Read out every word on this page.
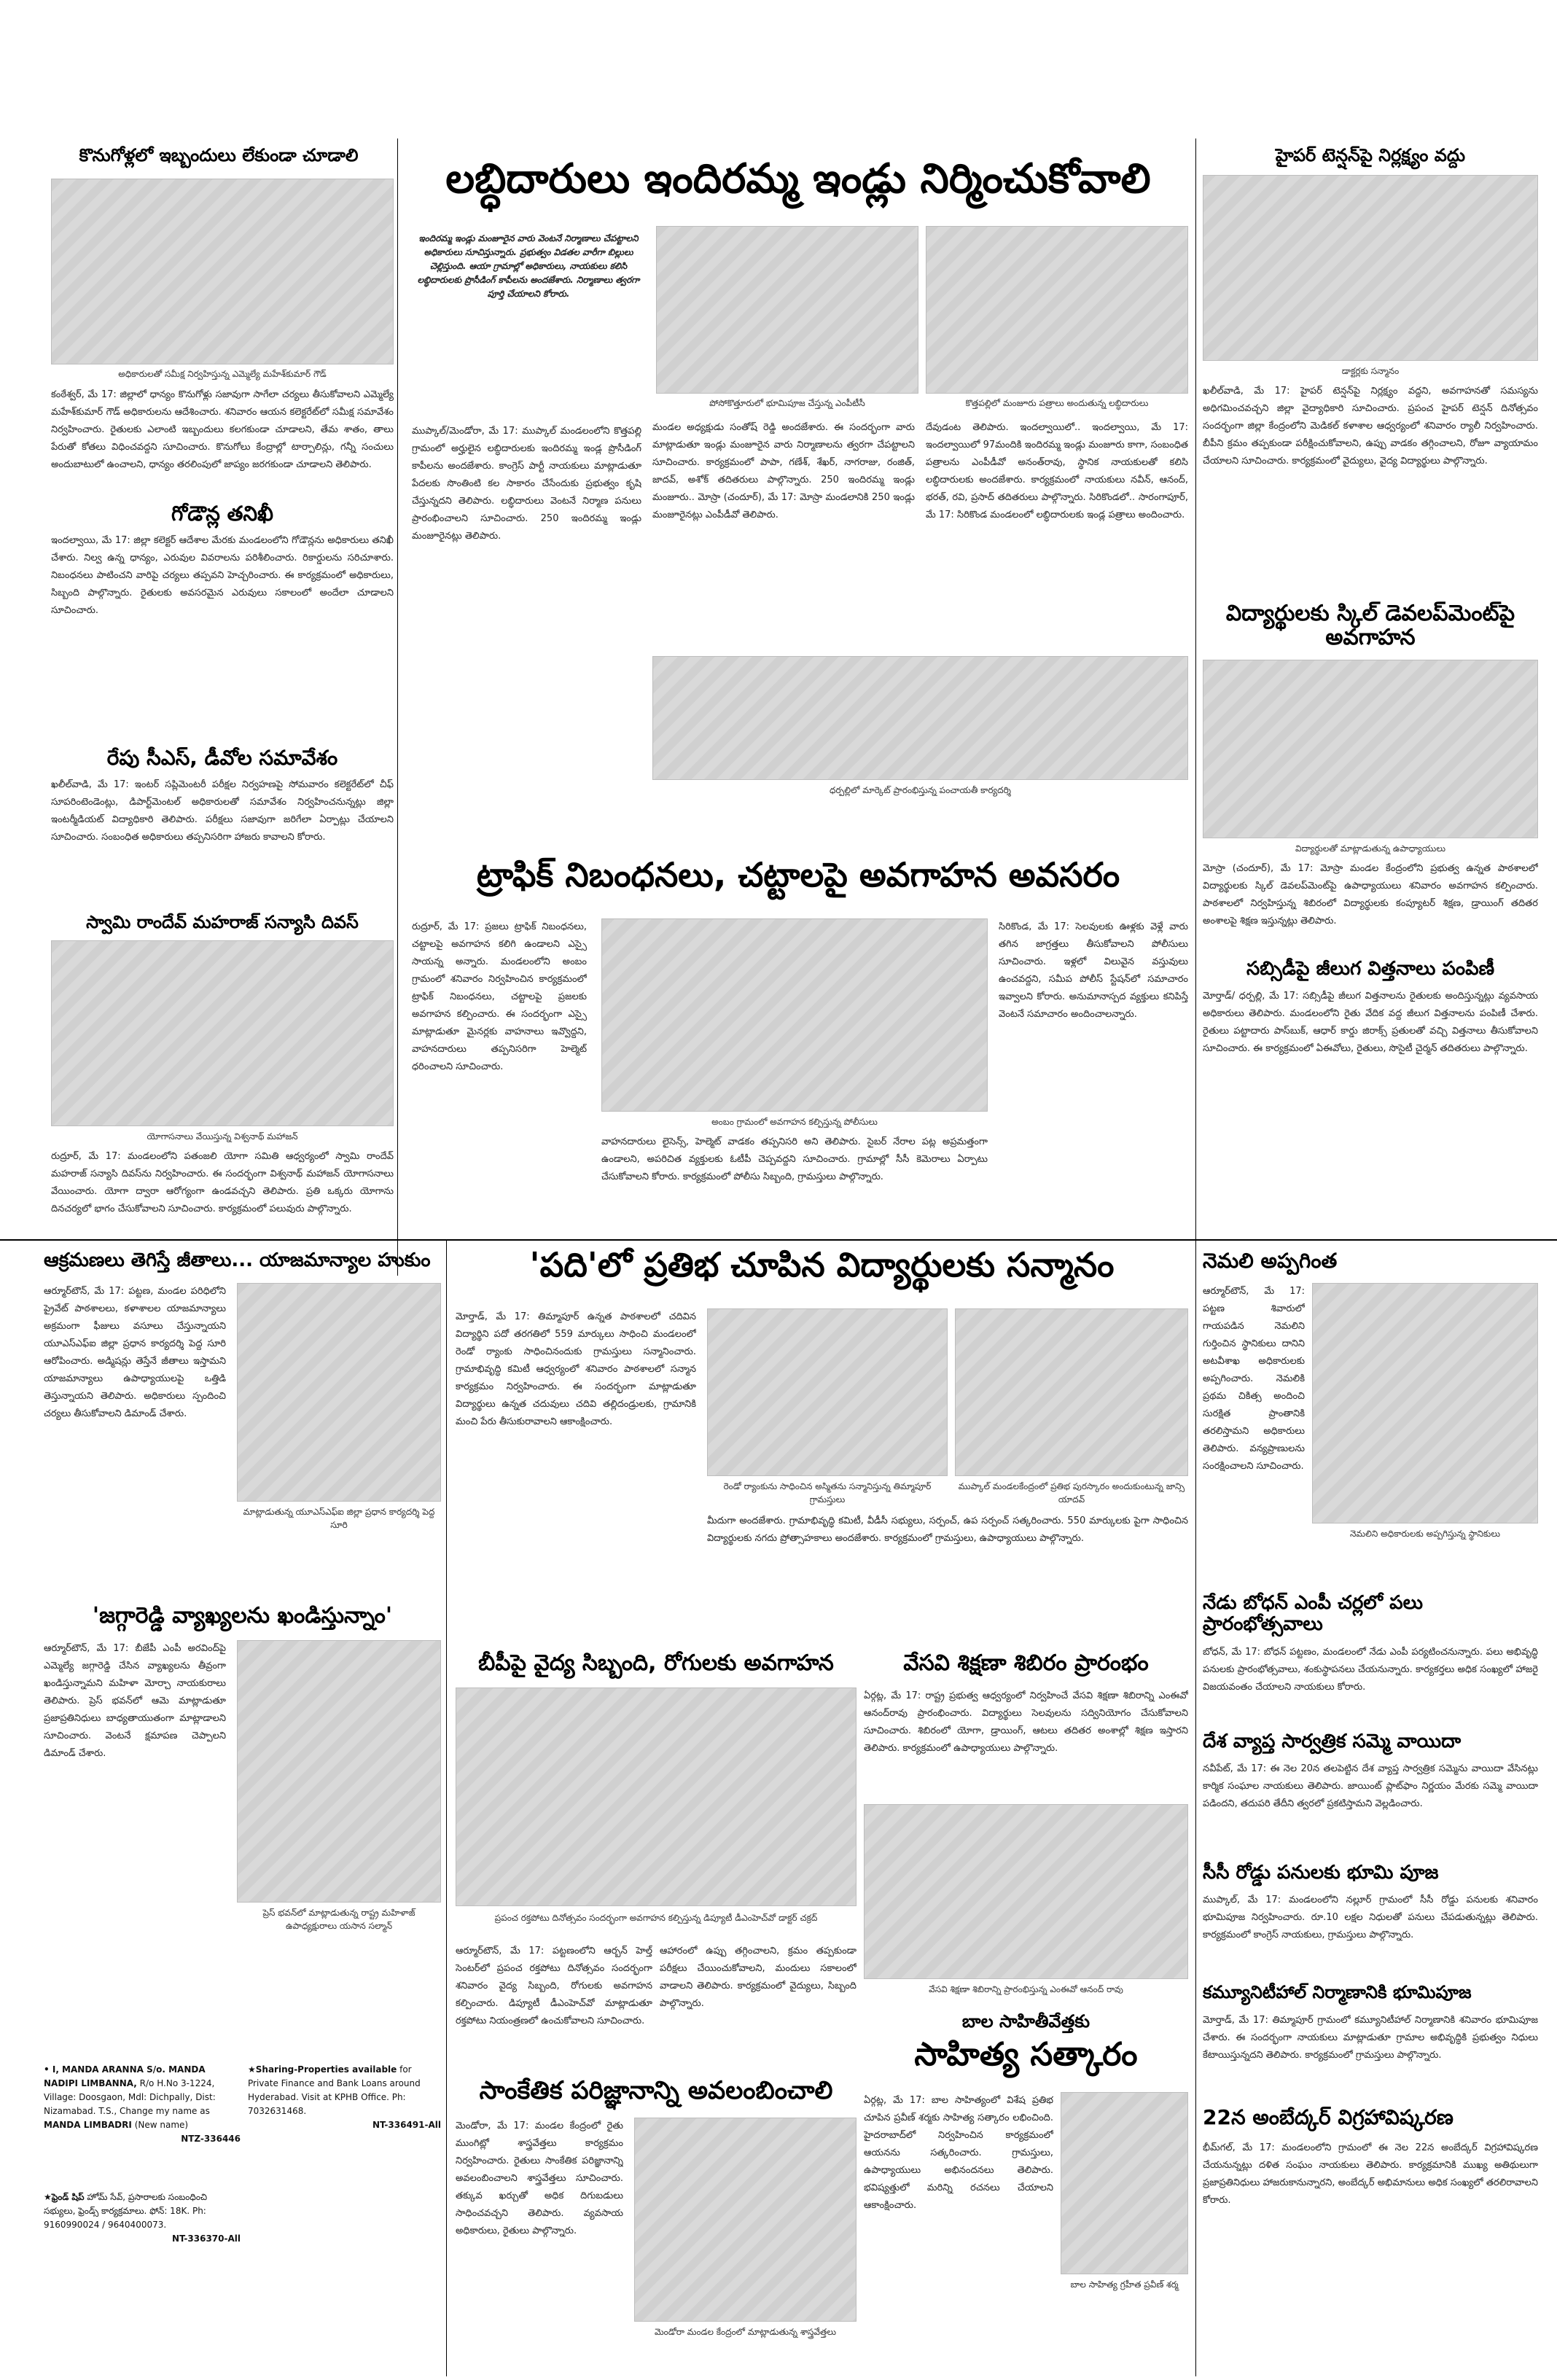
కొనుగోళ్లలో ఇబ్బందులు లేకుండా చూడాలి	లబ్ధిదారులు ఇందిరమ్మ ఇండ్లు నిర్మించుకోవాలి	హైపర్ టెన్షన్‌పై నిర్లక్ష్యం వద్దు
అధికారులతో సమీక్ష నిర్వహిస్తున్న ఎమ్మెల్యే మహేశ్‌కుమార్ గౌడ్
కంఠేశ్వర్, మే 17: జిల్లాలో ధాన్యం కొనుగోళ్లు సజావుగా సాగేలా చర్యలు తీసుకోవాలని ఎమ్మెల్యే మహేశ్‌కుమార్ గౌడ్ అధికారులను ఆదేశించారు. శనివారం ఆయన కలెక్టరేట్‌లో సమీక్ష సమావేశం నిర్వహించారు. రైతులకు ఎలాంటి ఇబ్బందులు కలగకుండా చూడాలని, తేమ శాతం, తాలు పేరుతో కోతలు విధించవద్దని సూచించారు. కొనుగోలు కేంద్రాల్లో టార్పాలిన్లు, గన్నీ సంచులు అందుబాటులో ఉంచాలని, ధాన్యం తరలింపులో జాప్యం జరగకుండా చూడాలని తెలిపారు.
గోడౌన్ల తనిఖీ
ఇందల్వాయి, మే 17: జిల్లా కలెక్టర్ ఆదేశాల మేరకు మండలంలోని గోడౌన్లను అధికారులు తనిఖీ చేశారు. నిల్వ ఉన్న ధాన్యం, ఎరువుల వివరాలను పరిశీలించారు. రికార్డులను సరిచూశారు. నిబంధనలు పాటించని వారిపై చర్యలు తప్పవని హెచ్చరించారు. ఈ కార్యక్రమంలో అధికారులు, సిబ్బంది పాల్గొన్నారు. రైతులకు అవసరమైన ఎరువులు సకాలంలో అందేలా చూడాలని సూచించారు.
రేపు సీఎస్, డీవోల సమావేశం
ఖలీల్‌వాడి, మే 17: ఇంటర్ సప్లిమెంటరీ పరీక్షల నిర్వహణపై సోమవారం కలెక్టరేట్‌లో చీఫ్ సూపరింటెండెంట్లు, డిపార్ట్‌మెంటల్ అధికారులతో సమావేశం నిర్వహించనున్నట్లు జిల్లా ఇంటర్మీడియట్ విద్యాధికారి తెలిపారు. పరీక్షలు సజావుగా జరిగేలా ఏర్పాట్లు చేయాలని సూచించారు. సంబంధిత అధికారులు తప్పనిసరిగా హాజరు కావాలని కోరారు.
స్వామి రాందేవ్ మహరాజ్ సన్యాసి దివస్
యోగాసనాలు వేయిస్తున్న విశ్వనాథ్ మహాజన్
రుద్రూర్, మే 17: మండలంలోని పతంజలి యోగా సమితి ఆధ్వర్యంలో స్వామి రాందేవ్ మహరాజ్ సన్యాసి దివస్‌ను నిర్వహించారు. ఈ సందర్భంగా విశ్వనాథ్ మహాజన్ యోగాసనాలు వేయించారు. యోగా ద్వారా ఆరోగ్యంగా ఉండవచ్చని తెలిపారు. ప్రతి ఒక్కరు యోగాను దినచర్యలో భాగం చేసుకోవాలని సూచించారు. కార్యక్రమంలో పలువురు పాల్గొన్నారు.
ఇందిరమ్మ ఇండ్లు మంజూరైన వారు వెంటనే నిర్మాణాలు చేపట్టాలని అధికారులు సూచిస్తున్నారు. ప్రభుత్వం విడతల వారీగా బిల్లులు చెల్లిస్తుంది. ఆయా గ్రామాల్లో అధికారులు, నాయకులు కలిసి లబ్ధిదారులకు ప్రొసీడింగ్ కాపీలను అందజేశారు. నిర్మాణాలు త్వరగా పూర్తి చేయాలని కోరారు.
పోసోకొత్తూరులో భూమిపూజ చేస్తున్న ఎంపీటీసీ	కొత్తపల్లిలో మంజూరు పత్రాలు అందుతున్న లబ్ధిదారులు
ముప్కాల్/మెండోరా, మే 17: ముప్కాల్ మండలంలోని కొత్తపల్లి గ్రామంలో అర్హులైన లబ్ధిదారులకు ఇందిరమ్మ ఇండ్ల ప్రొసీడింగ్ కాపీలను అందజేశారు. కాంగ్రెస్ పార్టీ నాయకులు మాట్లాడుతూ పేదలకు సొంతింటి కల సాకారం చేసేందుకు ప్రభుత్వం కృషి చేస్తున్నదని తెలిపారు. లబ్ధిదారులు వెంటనే నిర్మాణ పనులు ప్రారంభించాలని సూచించారు. 250 ఇందిరమ్మ ఇండ్లు మంజూరైనట్లు తెలిపారు.
మండల అధ్యక్షుడు సంతోష్ రెడ్డి అందజేశారు. ఈ సందర్భంగా వారు మాట్లాడుతూ ఇండ్లు మంజూరైన వారు నిర్మాణాలను త్వరగా చేపట్టాలని సూచించారు. కార్యక్రమంలో పాపా, గణేశ్, శేఖర్, నాగరాజు, రంజిత్, జాదవ్, అశోక్ తదితరులు పాల్గొన్నారు. 250 ఇందిరమ్మ ఇండ్లు మంజూరు.. మోస్రా (చందూర్), మే 17: మోస్రా మండలానికి 250 ఇండ్లు మంజూరైనట్లు ఎంపీడీవో తెలిపారు.
దేవుడంట తెలిపారు. ఇందల్వాయిలో.. ఇందల్వాయి, మే 17: ఇందల్వాయిలో 97మందికి ఇందిరమ్మ ఇండ్లు మంజూరు కాగా, సంబంధిత పత్రాలను ఎంపీడీవో అనంత్‌రావు, స్థానిక నాయకులతో కలిసి లబ్ధిదారులకు అందజేశారు. కార్యక్రమంలో నాయకులు నవీన్, ఆనంద్, భరత్, రవి, ప్రసాద్ తదితరులు పాల్గొన్నారు. సిరికొండలో.. సారంగాపూర్, మే 17: సిరికొండ మండలంలో లబ్ధిదారులకు ఇండ్ల పత్రాలు అందించారు.
ధర్పల్లిలో మార్కెట్ ప్రారంభిస్తున్న పంచాయతీ కార్యదర్శి
ట్రాఫిక్ నిబంధనలు, చట్టాలపై అవగాహన అవసరం
రుద్రూర్, మే 17: ప్రజలు ట్రాఫిక్ నిబంధనలు, చట్టాలపై అవగాహన కలిగి ఉండాలని ఎస్సై సాయన్న అన్నారు. మండలంలోని అంబం గ్రామంలో శనివారం నిర్వహించిన కార్యక్రమంలో ట్రాఫిక్ నిబంధనలు, చట్టాలపై ప్రజలకు అవగాహన కల్పించారు. ఈ సందర్భంగా ఎస్సై మాట్లాడుతూ మైనర్లకు వాహనాలు ఇవ్వొద్దని, వాహనదారులు తప్పనిసరిగా హెల్మెట్ ధరించాలని సూచించారు.
అంబం గ్రామంలో అవగాహన కల్పిస్తున్న పోలీసులు
వాహనదారులు లైసెన్స్, హెల్మెట్ వాడకం తప్పనిసరి అని తెలిపారు. సైబర్ నేరాల పట్ల అప్రమత్తంగా ఉండాలని, అపరిచిత వ్యక్తులకు ఓటీపీ చెప్పవద్దని సూచించారు. గ్రామాల్లో సీసీ కెమెరాలు ఏర్పాటు చేసుకోవాలని కోరారు. కార్యక్రమంలో పోలీసు సిబ్బంది, గ్రామస్తులు పాల్గొన్నారు.
సిరికొండ, మే 17: సెలవులకు ఊళ్లకు వెళ్లే వారు తగిన జాగ్రత్తలు తీసుకోవాలని పోలీసులు సూచించారు. ఇళ్లలో విలువైన వస్తువులు ఉంచవద్దని, సమీప పోలీస్ స్టేషన్‌లో సమాచారం ఇవ్వాలని కోరారు. అనుమానాస్పద వ్యక్తులు కనిపిస్తే వెంటనే సమాచారం అందించాలన్నారు.
డాక్టర్లకు సన్మానం
ఖలీల్‌వాడి, మే 17: హైపర్ టెన్షన్‌పై నిర్లక్ష్యం వద్దని, అవగాహనతో సమస్యను అధిగమించవచ్చని జిల్లా వైద్యాధికారి సూచించారు. ప్రపంచ హైపర్ టెన్షన్ దినోత్సవం సందర్భంగా జిల్లా కేంద్రంలోని మెడికల్ కళాశాల ఆధ్వర్యంలో శనివారం ర్యాలీ నిర్వహించారు. బీపీని క్రమం తప్పకుండా పరీక్షించుకోవాలని, ఉప్పు వాడకం తగ్గించాలని, రోజూ వ్యాయామం చేయాలని సూచించారు. కార్యక్రమంలో వైద్యులు, వైద్య విద్యార్థులు పాల్గొన్నారు.
విద్యార్థులకు స్కిల్ డెవలప్‌మెంట్‌పై అవగాహన
విద్యార్థులతో మాట్లాడుతున్న ఉపాధ్యాయులు
మోస్రా (చందూర్), మే 17: మోస్రా మండల కేంద్రంలోని ప్రభుత్వ ఉన్నత పాఠశాలలో విద్యార్థులకు స్కిల్ డెవలప్‌మెంట్‌పై ఉపాధ్యాయులు శనివారం అవగాహన కల్పించారు. పాఠశాలలో నిర్వహిస్తున్న శిబిరంలో విద్యార్థులకు కంప్యూటర్ శిక్షణ, డ్రాయింగ్ తదితర అంశాలపై శిక్షణ ఇస్తున్నట్లు తెలిపారు.
సబ్సిడీపై జీలుగ విత్తనాలు పంపిణీ
మోర్తాడ్/ ధర్పల్లి, మే 17: సబ్సిడీపై జీలుగ విత్తనాలను రైతులకు అందిస్తున్నట్లు వ్యవసాయ అధికారులు తెలిపారు. మండలంలోని రైతు వేదిక వద్ద జీలుగ విత్తనాలను పంపిణీ చేశారు. రైతులు పట్టాదారు పాస్‌బుక్, ఆధార్ కార్డు జిరాక్స్ ప్రతులతో వచ్చి విత్తనాలు తీసుకోవాలని సూచించారు. ఈ కార్యక్రమంలో ఏఈవోలు, రైతులు, సొసైటీ చైర్మన్ తదితరులు పాల్గొన్నారు.
ఆక్రమణలు తెగిస్తే జీతాలు... యాజమాన్యాల హుకుం
ఆర్మూర్‌టౌన్, మే 17: పట్టణ, మండల పరిధిలోని ప్రైవేట్ పాఠశాలలు, కళాశాలల యాజమాన్యాలు అక్రమంగా ఫీజులు వసూలు చేస్తున్నాయని యూఎస్‌ఎఫ్‌ఐ జిల్లా ప్రధాన కార్యదర్శి పెద్ద సూరి ఆరోపించారు. అడ్మిషన్లు తెస్తేనే జీతాలు ఇస్తామని యాజమాన్యాలు ఉపాధ్యాయులపై ఒత్తిడి తెస్తున్నాయని తెలిపారు. అధికారులు స్పందించి చర్యలు తీసుకోవాలని డిమాండ్ చేశారు.
మాట్లాడుతున్న యూఎస్‌ఎఫ్‌ఐ జిల్లా ప్రధాన కార్యదర్శి పెద్ద సూరి
'జగ్గారెడ్డి వ్యాఖ్యలను ఖండిస్తున్నాం'
ఆర్మూర్‌టౌన్, మే 17: బీజేపీ ఎంపీ అరవింద్‌పై ఎమ్మెల్యే జగ్గారెడ్డి చేసిన వ్యాఖ్యలను తీవ్రంగా ఖండిస్తున్నామని మహిళా మోర్చా నాయకురాలు తెలిపారు. ప్రెస్ భవన్‌లో ఆమె మాట్లాడుతూ ప్రజాప్రతినిధులు బాధ్యతాయుతంగా మాట్లాడాలని సూచించారు. వెంటనే క్షమాపణ చెప్పాలని డిమాండ్ చేశారు.
ప్రెస్ భవన్‌లో మాట్లాడుతున్న రాష్ట్ర మహిళాజ్ ఉపాధ్యక్షురాలు యసాన సల్మాన్
• I, MANDA ARANNA S/o. MANDA NADIPI LIMBANNA, R/o H.No 3-1224, Village: Doosgaon, Mdl: Dichpally, Dist: Nizamabad. T.S., Change my name as MANDA LIMBADRI (New name)
NTZ-336446
★Sharing-Properties available for Private Finance and Bank Loans around Hyderabad. Visit at KPHB Office. Ph: 7032631468.
NT-336491-All
★ఫ్రెండ్ షిప్ హోమ్ సేవ్, ప్రసారాలకు సంబంధించి సభ్యులు, ఫ్రెండ్స్ కార్యక్రమాలు. ఫోన్: 18K. Ph: 9160990024 / 9640400073.
NT-336370-All
'పది'లో ప్రతిభ చూపిన విద్యార్థులకు సన్మానం
మోర్తాడ్, మే 17: తిమ్మాపూర్ ఉన్నత పాఠశాలలో చదివిన విద్యార్థిని పదో తరగతిలో 559 మార్కులు సాధించి మండలంలో రెండో ర్యాంకు సాధించినందుకు గ్రామస్తులు సన్మానించారు. గ్రామాభివృద్ధి కమిటీ ఆధ్వర్యంలో శనివారం పాఠశాలలో సన్మాన కార్యక్రమం నిర్వహించారు. ఈ సందర్భంగా మాట్లాడుతూ విద్యార్థులు ఉన్నత చదువులు చదివి తల్లిదండ్రులకు, గ్రామానికి మంచి పేరు తీసుకురావాలని ఆకాంక్షించారు.
రెండో ర్యాంకును సాధించిన అస్మితను సన్మానిస్తున్న తిమ్మాపూర్ గ్రామస్తులు
ముప్కాల్ మండలకేంద్రంలో ప్రతిభ పురస్కారం అందుకుంటున్న జాన్సి యాదవ్
మీదుగా అందజేశారు. గ్రామాభివృద్ధి కమిటీ, వీడీసీ సభ్యులు, సర్పంచ్, ఉప సర్పంచ్ సత్కరించారు. 550 మార్కులకు పైగా సాధించిన విద్యార్థులకు నగదు ప్రోత్సాహకాలు అందజేశారు. కార్యక్రమంలో గ్రామస్తులు, ఉపాధ్యాయులు పాల్గొన్నారు.
బీపీపై వైద్య సిబ్బంది, రోగులకు అవగాహన
ప్రపంచ రక్తపోటు దినోత్సవం సందర్భంగా అవగాహన కల్పిస్తున్న డిప్యూటీ డీఎంహెచ్‌వో డాక్టర్ చక్రద్
ఆర్మూర్‌టౌన్, మే 17: పట్టణంలోని ఆర్బన్ హెల్త్ సెంటర్‌లో ప్రపంచ రక్తపోటు దినోత్సవం సందర్భంగా శనివారం వైద్య సిబ్బంది, రోగులకు అవగాహన కల్పించారు. డిప్యూటీ డీఎంహెచ్‌వో మాట్లాడుతూ రక్తపోటు నియంత్రణలో ఉంచుకోవాలని సూచించారు.
ఆహారంలో ఉప్పు తగ్గించాలని, క్రమం తప్పకుండా పరీక్షలు చేయించుకోవాలని, మందులు సకాలంలో వాడాలని తెలిపారు. కార్యక్రమంలో వైద్యులు, సిబ్బంది పాల్గొన్నారు.
వేసవి శిక్షణా శిబిరం ప్రారంభం
ఏర్గట్ల, మే 17: రాష్ట్ర ప్రభుత్వ ఆధ్వర్యంలో నిర్వహించే వేసవి శిక్షణా శిబిరాన్ని ఎంఈవో ఆనంద్‌రావు ప్రారంభించారు. విద్యార్థులు సెలవులను సద్వినియోగం చేసుకోవాలని సూచించారు. శిబిరంలో యోగా, డ్రాయింగ్, ఆటలు తదితర అంశాల్లో శిక్షణ ఇస్తారని తెలిపారు. కార్యక్రమంలో ఉపాధ్యాయులు పాల్గొన్నారు.
వేసవి శిక్షణా శిబిరాన్ని ప్రారంభిస్తున్న ఎంఈవో ఆనంద్ రావు
సాంకేతిక పరిజ్ఞానాన్ని అవలంబించాలి
మెండోరా, మే 17: మండల కేంద్రంలో రైతు ముంగిట్లో శాస్త్రవేత్తలు కార్యక్రమం నిర్వహించారు. రైతులు సాంకేతిక పరిజ్ఞానాన్ని అవలంబించాలని శాస్త్రవేత్తలు సూచించారు. తక్కువ ఖర్చుతో అధిక దిగుబడులు సాధించవచ్చని తెలిపారు. వ్యవసాయ అధికారులు, రైతులు పాల్గొన్నారు.
మెండోరా మండల కేంద్రంలో మాట్లాడుతున్న శాస్త్రవేత్తలు
బాల సాహితీవేత్తకు
సాహిత్య సత్కారం
ఏర్గట్ల, మే 17: బాల సాహిత్యంలో విశేష ప్రతిభ చూపిన ప్రవీణ్ శర్మకు సాహిత్య సత్కారం లభించింది. హైదరాబాద్‌లో నిర్వహించిన కార్యక్రమంలో ఆయనను సత్కరించారు. గ్రామస్తులు, ఉపాధ్యాయులు అభినందనలు తెలిపారు. భవిష్యత్తులో మరిన్ని రచనలు చేయాలని ఆకాంక్షించారు.
బాల సాహిత్య గ్రహీత ప్రవీణ్ శర్మ
నెమలి అప్పగింత
ఆర్మూర్‌టౌన్, మే 17: పట్టణ శివారులో గాయపడిన నెమలిని గుర్తించిన స్థానికులు దానిని అటవీశాఖ అధికారులకు అప్పగించారు. నెమలికి ప్రథమ చికిత్స అందించి సురక్షిత ప్రాంతానికి తరలిస్తామని అధికారులు తెలిపారు. వన్యప్రాణులను సంరక్షించాలని సూచించారు.
నెమలిని అధికారులకు అప్పగిస్తున్న స్థానికులు
నేడు బోధన్ ఎంపీ చర్లలో పలు ప్రారంభోత్సవాలు
బోధన్, మే 17: బోధన్ పట్టణం, మండలంలో నేడు ఎంపీ పర్యటించనున్నారు. పలు అభివృద్ధి పనులకు ప్రారంభోత్సవాలు, శంకుస్థాపనలు చేయనున్నారు. కార్యకర్తలు అధిక సంఖ్యలో హాజరై విజయవంతం చేయాలని నాయకులు కోరారు.
దేశ వ్యాప్త సార్వత్రిక సమ్మె వాయిదా
నవీపేట్, మే 17: ఈ నెల 20న తలపెట్టిన దేశ వ్యాప్త సార్వత్రిక సమ్మెను వాయిదా వేసినట్లు కార్మిక సంఘాల నాయకులు తెలిపారు. జాయింట్ ప్లాట్‌ఫాం నిర్ణయం మేరకు సమ్మె వాయిదా పడిందని, తదుపరి తేదీని త్వరలో ప్రకటిస్తామని వెల్లడించారు.
సీసీ రోడ్డు పనులకు భూమి పూజ
ముప్కాల్, మే 17: మండలంలోని నల్లూర్ గ్రామంలో సీసీ రోడ్డు పనులకు శనివారం భూమిపూజ నిర్వహించారు. రూ.10 లక్షల నిధులతో పనులు చేపడుతున్నట్లు తెలిపారు. కార్యక్రమంలో కాంగ్రెస్ నాయకులు, గ్రామస్తులు పాల్గొన్నారు.
కమ్యూనిటీహాల్ నిర్మాణానికి భూమిపూజ
మోర్తాడ్, మే 17: తిమ్మాపూర్ గ్రామంలో కమ్యూనిటీహాల్ నిర్మాణానికి శనివారం భూమిపూజ చేశారు. ఈ సందర్భంగా నాయకులు మాట్లాడుతూ గ్రామాల అభివృద్ధికి ప్రభుత్వం నిధులు కేటాయిస్తున్నదని తెలిపారు. కార్యక్రమంలో గ్రామస్తులు పాల్గొన్నారు.
22న అంబేద్కర్ విగ్రహావిష్కరణ
భీమ్‌గల్, మే 17: మండలంలోని గ్రామంలో ఈ నెల 22న అంబేద్కర్ విగ్రహావిష్కరణ చేయనున్నట్లు దళిత సంఘం నాయకులు తెలిపారు. కార్యక్రమానికి ముఖ్య అతిథులుగా ప్రజాప్రతినిధులు హాజరుకానున్నారని, అంబేద్కర్ అభిమానులు అధిక సంఖ్యలో తరలిరావాలని కోరారు.
